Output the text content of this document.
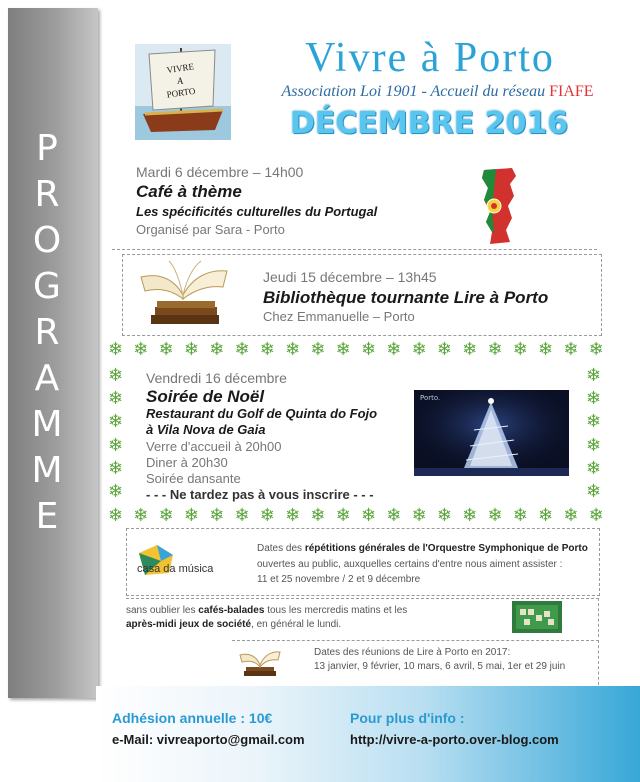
P
R
O
G
R
A
M
M
E
VIVRE
A
PORTO
Vivre à Porto
Association Loi 1901 - Accueil du réseau FIAFE
DÉCEMBRE 2016
Mardi 6 décembre – 14h00
Café à thème
Les spécificités culturelles du Portugal
Organisé par Sara - Porto
Jeudi 15 décembre – 13h45
Bibliothèque tournante Lire à Porto
Chez Emmanuelle – Porto
❄ ❄ ❄ ❄ ❄ ❄ ❄ ❄ ❄ ❄ ❄ ❄ ❄ ❄ ❄ ❄ ❄ ❄ ❄ ❄
❄ ❄ ❄ ❄ ❄ ❄ ❄ ❄ ❄ ❄ ❄ ❄ ❄ ❄ ❄ ❄ ❄ ❄ ❄ ❄
❄
❄
❄
❄
❄
❄
❄
❄
❄
❄
❄
❄
Vendredi 16 décembre
Soirée de Noël
Restaurant du Golf de Quinta do Fojo
à Vila Nova de Gaia
Verre d'accueil à 20h00
Diner à 20h30
Soirée dansante
- - - Ne tardez pas à vous inscrire - - -
casa da música
Dates des répétitions générales de l'Orquestre Symphonique de Porto
ouvertes au public, auxquelles certains d'entre nous aiment assister :
11 et 25 novembre / 2 et 9 décembre
sans oublier les cafés-balades tous les mercredis matins et les
après-midi jeux de société, en général le lundi.
Dates des réunions de Lire à Porto en 2017:
13 janvier, 9 février, 10 mars, 6 avril, 5 mai, 1er et 29 juin
Adhésion annuelle : 10€
e-Mail: vivreaporto@gmail.com
Pour plus d'info :
http://vivre-a-porto.over-blog.com
